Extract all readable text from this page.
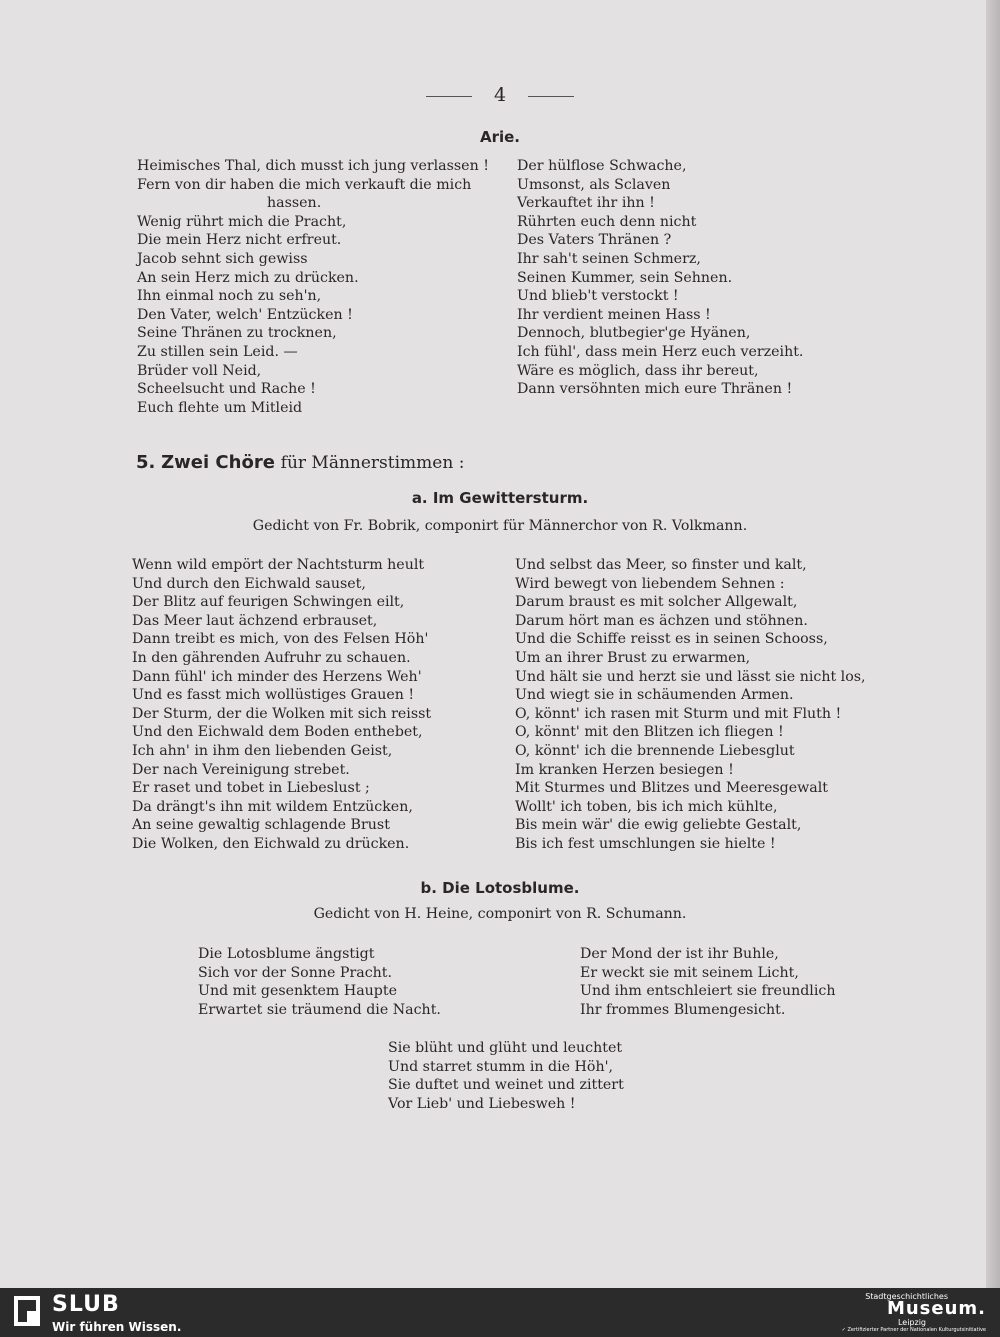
4
Arie.
Heimisches Thal, dich musst ich jung verlassen !
Fern von dir haben die mich verkauft die mich
hassen.
Wenig rührt mich die Pracht,
Die mein Herz nicht erfreut.
Jacob sehnt sich gewiss
An sein Herz mich zu drücken.
Ihn einmal noch zu seh'n,
Den Vater, welch' Entzücken !
Seine Thränen zu trocknen,
Zu stillen sein Leid. —
Brüder voll Neid,
Scheelsucht und Rache !
Euch flehte um Mitleid
Der hülflose Schwache,
Umsonst, als Sclaven
Verkauftet ihr ihn !
Rührten euch denn nicht
Des Vaters Thränen ?
Ihr sah't seinen Schmerz,
Seinen Kummer, sein Sehnen.
Und blieb't verstockt !
Ihr verdient meinen Hass !
Dennoch, blutbegier'ge Hyänen,
Ich fühl', dass mein Herz euch verzeiht.
Wäre es möglich, dass ihr bereut,
Dann versöhnten mich eure Thränen !
5. Zwei Chöre für Männerstimmen :
a. Im Gewittersturm.
Gedicht von Fr. Bobrik, componirt für Männerchor von R. Volkmann.
Wenn wild empört der Nachtsturm heult
Und durch den Eichwald sauset,
Der Blitz auf feurigen Schwingen eilt,
Das Meer laut ächzend erbrauset,
Dann treibt es mich, von des Felsen Höh'
In den gährenden Aufruhr zu schauen.
Dann fühl' ich minder des Herzens Weh'
Und es fasst mich wollüstiges Grauen !
Der Sturm, der die Wolken mit sich reisst
Und den Eichwald dem Boden enthebet,
Ich ahn' in ihm den liebenden Geist,
Der nach Vereinigung strebet.
Er raset und tobet in Liebeslust ;
Da drängt's ihn mit wildem Entzücken,
An seine gewaltig schlagende Brust
Die Wolken, den Eichwald zu drücken.
Und selbst das Meer, so finster und kalt,
Wird bewegt von liebendem Sehnen :
Darum braust es mit solcher Allgewalt,
Darum hört man es ächzen und stöhnen.
Und die Schiffe reisst es in seinen Schooss,
Um an ihrer Brust zu erwarmen,
Und hält sie und herzt sie und lässt sie nicht los,
Und wiegt sie in schäumenden Armen.
O, könnt' ich rasen mit Sturm und mit Fluth !
O, könnt' mit den Blitzen ich fliegen !
O, könnt' ich die brennende Liebesglut
Im kranken Herzen besiegen !
Mit Sturmes und Blitzes und Meeresgewalt
Wollt' ich toben, bis ich mich kühlte,
Bis mein wär' die ewig geliebte Gestalt,
Bis ich fest umschlungen sie hielte !
b. Die Lotosblume.
Gedicht von H. Heine, componirt von R. Schumann.
Die Lotosblume ängstigt
Sich vor der Sonne Pracht.
Und mit gesenktem Haupte
Erwartet sie träumend die Nacht.
Der Mond der ist ihr Buhle,
Er weckt sie mit seinem Licht,
Und ihm entschleiert sie freundlich
Ihr frommes Blumengesicht.
Sie blüht und glüht und leuchtet
Und starret stumm in die Höh',
Sie duftet und weinet und zittert
Vor Lieb' und Liebesweh !
SLUB
Wir führen Wissen.
Stadtgeschichtliches
Museum.
Leipzig
✓ Zertifizierter Partner der Nationalen Kulturgutsinitiative
